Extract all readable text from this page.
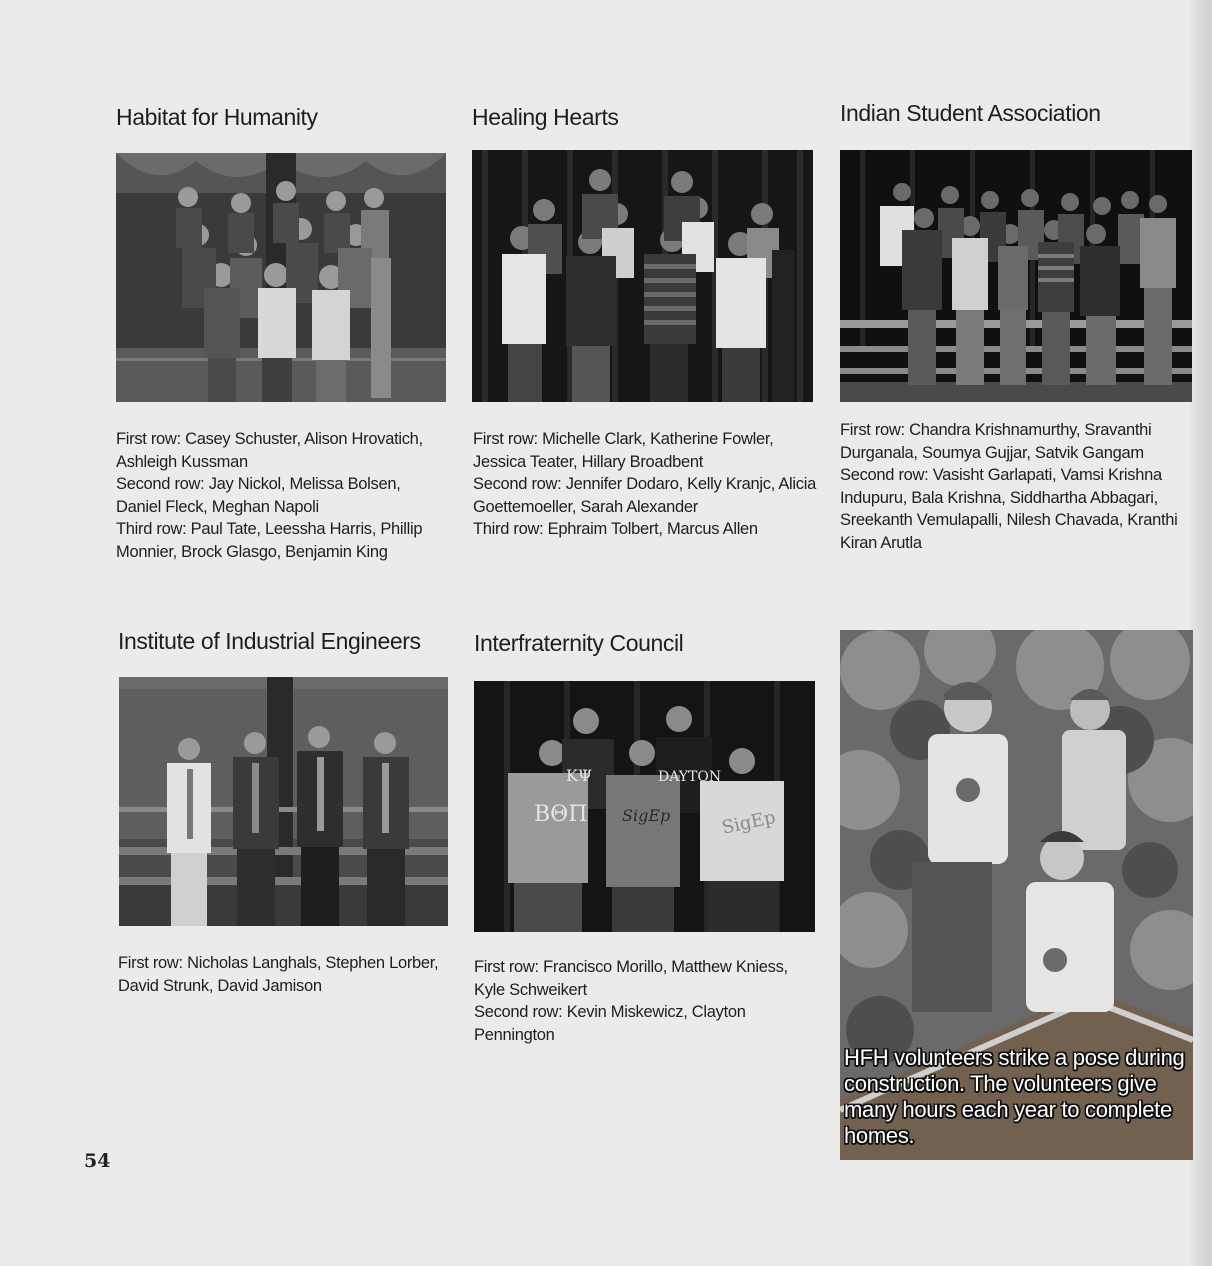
Habitat for Humanity
First row: Casey Schuster, Alison Hrovatich, Ashleigh Kussman
Second row: Jay Nickol, Melissa Bolsen, Daniel Fleck, Meghan Napoli
Third row: Paul Tate, Leessha Harris, Phillip Monnier, Brock Glasgo, Benjamin King
Healing Hearts
First row: Michelle Clark, Katherine Fowler, Jessica Teater, Hillary Broadbent
Second row: Jennifer Dodaro, Kelly Kranjc, Alicia Goettemoeller, Sarah Alexander
Third row: Ephraim Tolbert, Marcus Allen
Indian Student Association
First row: Chandra Krishnamurthy, Sravanthi Durganala, Soumya Gujjar, Satvik Gangam
Second row: Vasisht Garlapati, Vamsi Krishna Indupuru, Bala Krishna, Siddhartha Abbagari, Sreekanth Vemulapalli, Nilesh Chavada, Kranthi Kiran Arutla
Institute of Industrial Engineers
First row: Nicholas Langhals, Stephen Lorber, David Strunk, David Jamison
Interfraternity Council
BΘΠ
ΚΨ	DAYTON
SigEp	SigEp
First row: Francisco Morillo, Matthew Kniess, Kyle Schweikert
Second row: Kevin Miskewicz, Clayton Pennington
HFH volunteers strike a pose during construction. The volunteers give many hours each year to complete homes.
54
